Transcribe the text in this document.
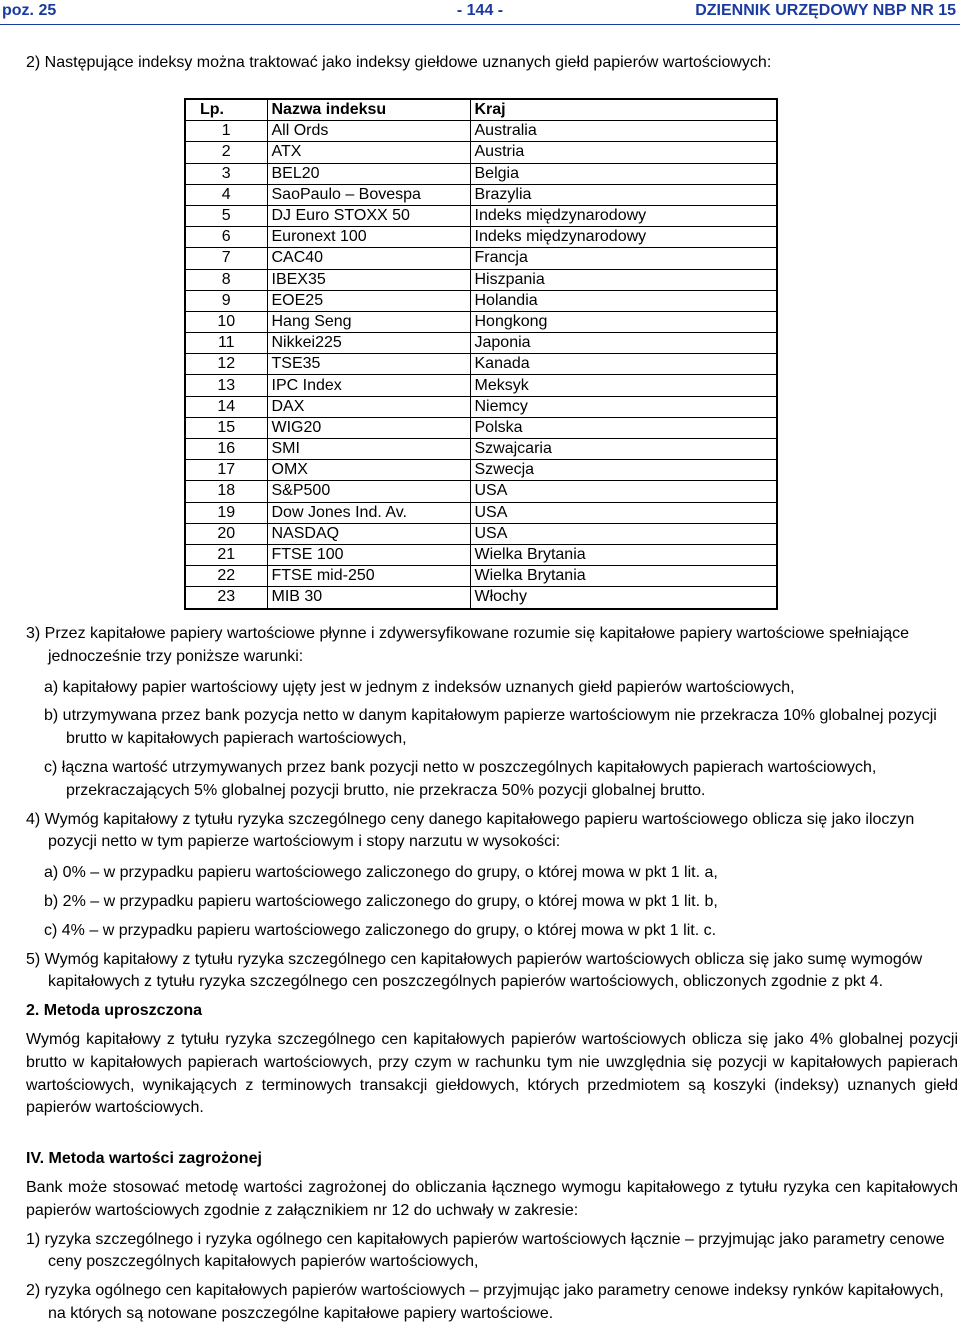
poz. 25	- 144 -	DZIENNIK URZĘDOWY NBP NR 15

2) Następujące indeksy można traktować jako indeksy giełdowe uznanych giełd papierów wartościowych:

Lp.	Nazwa indeksu	Kraj
1	All Ords	Australia
2	ATX	Austria
3	BEL20	Belgia
4	SaoPaulo – Bovespa	Brazylia
5	DJ Euro STOXX 50	Indeks międzynarodowy
6	Euronext 100	Indeks międzynarodowy
7	CAC40	Francja
8	IBEX35	Hiszpania
9	EOE25	Holandia
10	Hang Seng	Hongkong
11	Nikkei225	Japonia
12	TSE35	Kanada
13	IPC Index	Meksyk
14	DAX	Niemcy
15	WIG20	Polska
16	SMI	Szwajcaria
17	OMX	Szwecja
18	S&P500	USA
19	Dow Jones Ind. Av.	USA
20	NASDAQ	USA
21	FTSE 100	Wielka Brytania
22	FTSE mid-250	Wielka Brytania
23	MIB 30	Włochy

3) Przez kapitałowe papiery wartościowe płynne i zdywersyfikowane rozumie się kapitałowe papiery wartościowe spełniające jednocześnie trzy poniższe warunki:

a) kapitałowy papier wartościowy ujęty jest w jednym z indeksów uznanych giełd papierów wartościowych,

b) utrzymywana przez bank pozycja netto w danym kapitałowym papierze wartościowym nie przekracza 10% globalnej pozycji brutto w kapitałowych papierach wartościowych,

c) łączna wartość utrzymywanych przez bank pozycji netto w poszczególnych kapitałowych papierach wartościowych, przekraczających 5% globalnej pozycji brutto, nie przekracza 50% pozycji globalnej brutto.

4) Wymóg kapitałowy z tytułu ryzyka szczególnego ceny danego kapitałowego papieru wartościowego oblicza się jako iloczyn pozycji netto w tym papierze wartościowym i stopy narzutu w wysokości:

a) 0% – w przypadku papieru wartościowego zaliczonego do grupy, o której mowa w pkt 1 lit. a,

b) 2% – w przypadku papieru wartościowego zaliczonego do grupy, o której mowa w pkt 1 lit. b,

c) 4% – w przypadku papieru wartościowego zaliczonego do grupy, o której mowa w pkt 1 lit. c.

5) Wymóg kapitałowy z tytułu ryzyka szczególnego cen kapitałowych papierów wartościowych oblicza się jako sumę wymogów kapitałowych z tytułu ryzyka szczególnego cen poszczególnych papierów wartościowych, obliczonych zgodnie z pkt 4.

2. Metoda uproszczona

Wymóg kapitałowy z tytułu ryzyka szczególnego cen kapitałowych papierów wartościowych oblicza się jako 4% globalnej pozycji brutto w kapitałowych papierach wartościowych, przy czym w rachunku tym nie uwzględnia się pozycji w kapitałowych papierach wartościowych, wynikających z terminowych transakcji giełdowych, których przedmiotem są koszyki (indeksy) uznanych giełd papierów wartościowych.

IV. Metoda wartości zagrożonej

Bank może stosować metodę wartości zagrożonej do obliczania łącznego wymogu kapitałowego z tytułu ryzyka cen kapitałowych papierów wartościowych zgodnie z załącznikiem nr 12 do uchwały w zakresie:

1) ryzyka szczególnego i ryzyka ogólnego cen kapitałowych papierów wartościowych łącznie – przyjmując jako parametry cenowe ceny poszczególnych kapitałowych papierów wartościowych,

2) ryzyka ogólnego cen kapitałowych papierów wartościowych – przyjmując jako parametry cenowe indeksy rynków kapitałowych, na których są notowane poszczególne kapitałowe papiery wartościowe.
